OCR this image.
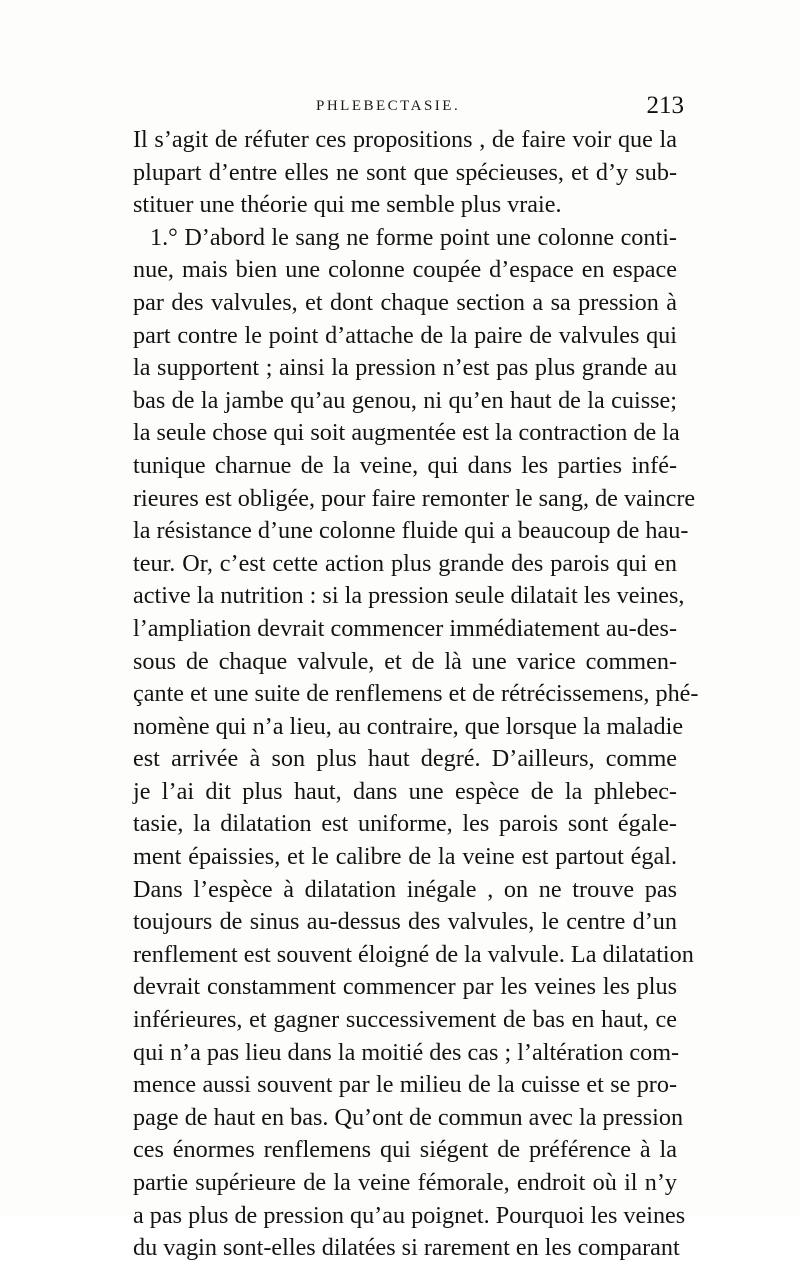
PHLEBECTASIE.	213
Il s’agit de réfuter ces propositions , de faire voir que la
plupart d’entre elles ne sont que spécieuses, et d’y sub-
stituer une théorie qui me semble plus vraie.
1.° D’abord le sang ne forme point une colonne conti-
nue, mais bien une colonne coupée d’espace en espace
par des valvules, et dont chaque section a sa pression à
part contre le point d’attache de la paire de valvules qui
la supportent ; ainsi la pression n’est pas plus grande au
bas de la jambe qu’au genou, ni qu’en haut de la cuisse;
la seule chose qui soit augmentée est la contraction de la
tunique charnue de la veine, qui dans les parties infé-
rieures est obligée, pour faire remonter le sang, de vaincre
la résistance d’une colonne fluide qui a beaucoup de hau-
teur. Or, c’est cette action plus grande des parois qui en
active la nutrition : si la pression seule dilatait les veines,
l’ampliation devrait commencer immédiatement au-des-
sous de chaque valvule, et de là une varice commen-
çante et une suite de renflemens et de rétrécissemens, phé-
nomène qui n’a lieu, au contraire, que lorsque la maladie
est arrivée à son plus haut degré. D’ailleurs, comme
je l’ai dit plus haut, dans une espèce de la phlebec-
tasie, la dilatation est uniforme, les parois sont égale-
ment épaissies, et le calibre de la veine est partout égal.
Dans l’espèce à dilatation inégale , on ne trouve pas
toujours de sinus au-dessus des valvules, le centre d’un
renflement est souvent éloigné de la valvule. La dilatation
devrait constamment commencer par les veines les plus
inférieures, et gagner successivement de bas en haut, ce
qui n’a pas lieu dans la moitié des cas ; l’altération com-
mence aussi souvent par le milieu de la cuisse et se pro-
page de haut en bas. Qu’ont de commun avec la pression
ces énormes renflemens qui siégent de préférence à la
partie supérieure de la veine fémorale, endroit où il n’y
a pas plus de pression qu’au poignet. Pourquoi les veines
du vagin sont-elles dilatées si rarement en les comparant
